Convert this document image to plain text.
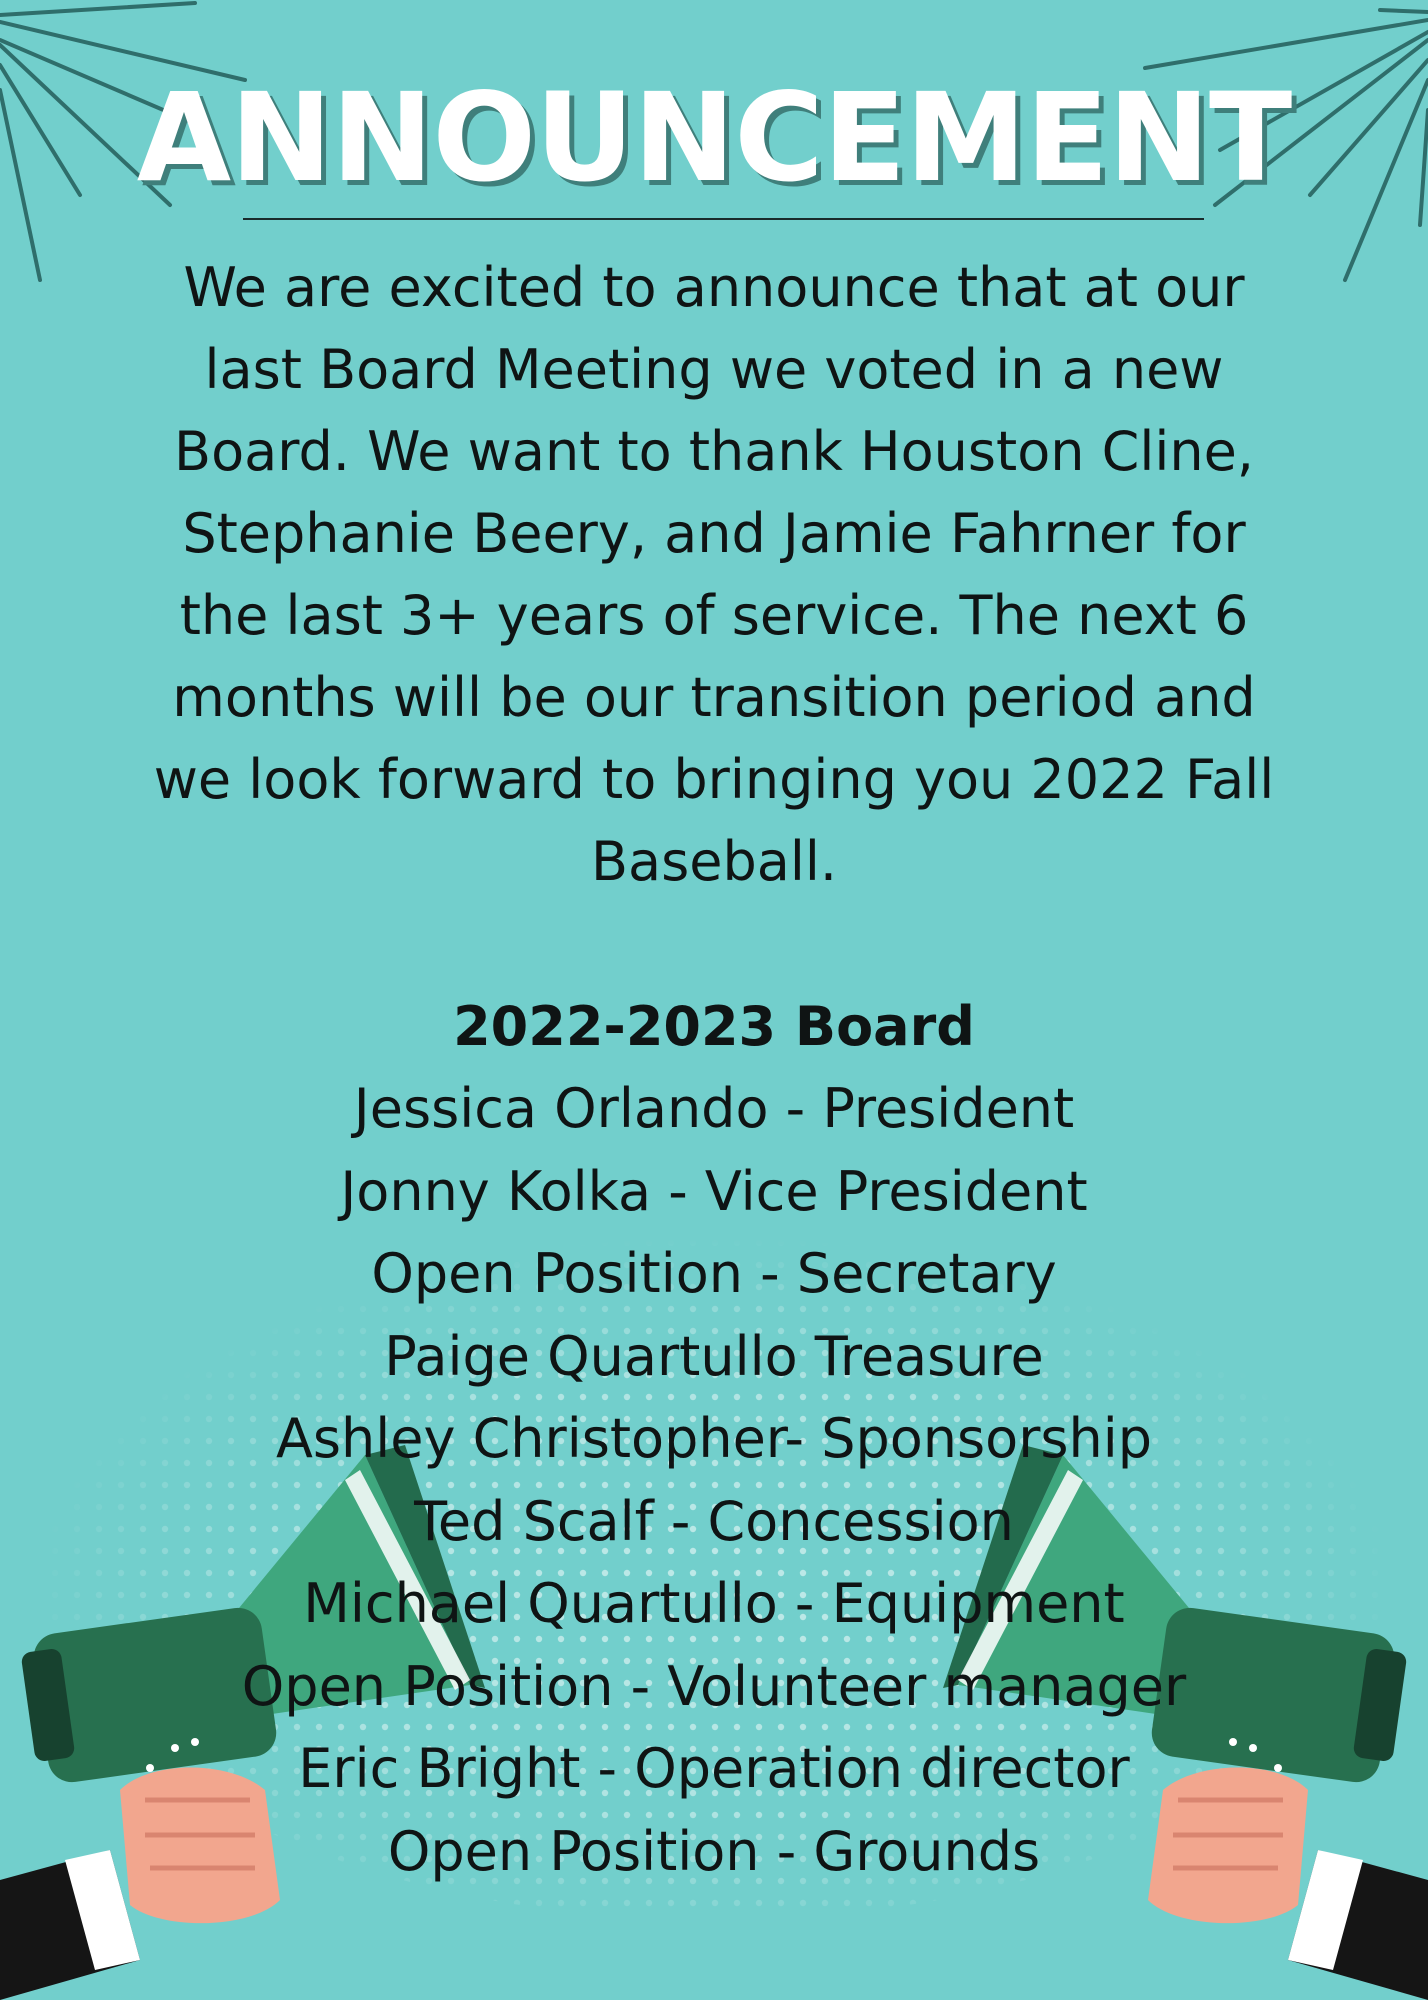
ANNOUNCEMENT

We are excited to announce that at our
last Board Meeting we voted in a new
Board. We want to thank Houston Cline,
Stephanie Beery, and Jamie Fahrner for
the last 3+ years of service. The next 6
months will be our transition period and
we look forward to bringing you 2022 Fall
Baseball.

2022-2023 Board
Jessica Orlando - President
Jonny Kolka - Vice President
Open Position - Secretary
Paige Quartullo Treasure
Ashley Christopher- Sponsorship
Ted Scalf - Concession
Michael Quartullo - Equipment
Open Position - Volunteer manager
Eric Bright - Operation director
Open Position - Grounds
